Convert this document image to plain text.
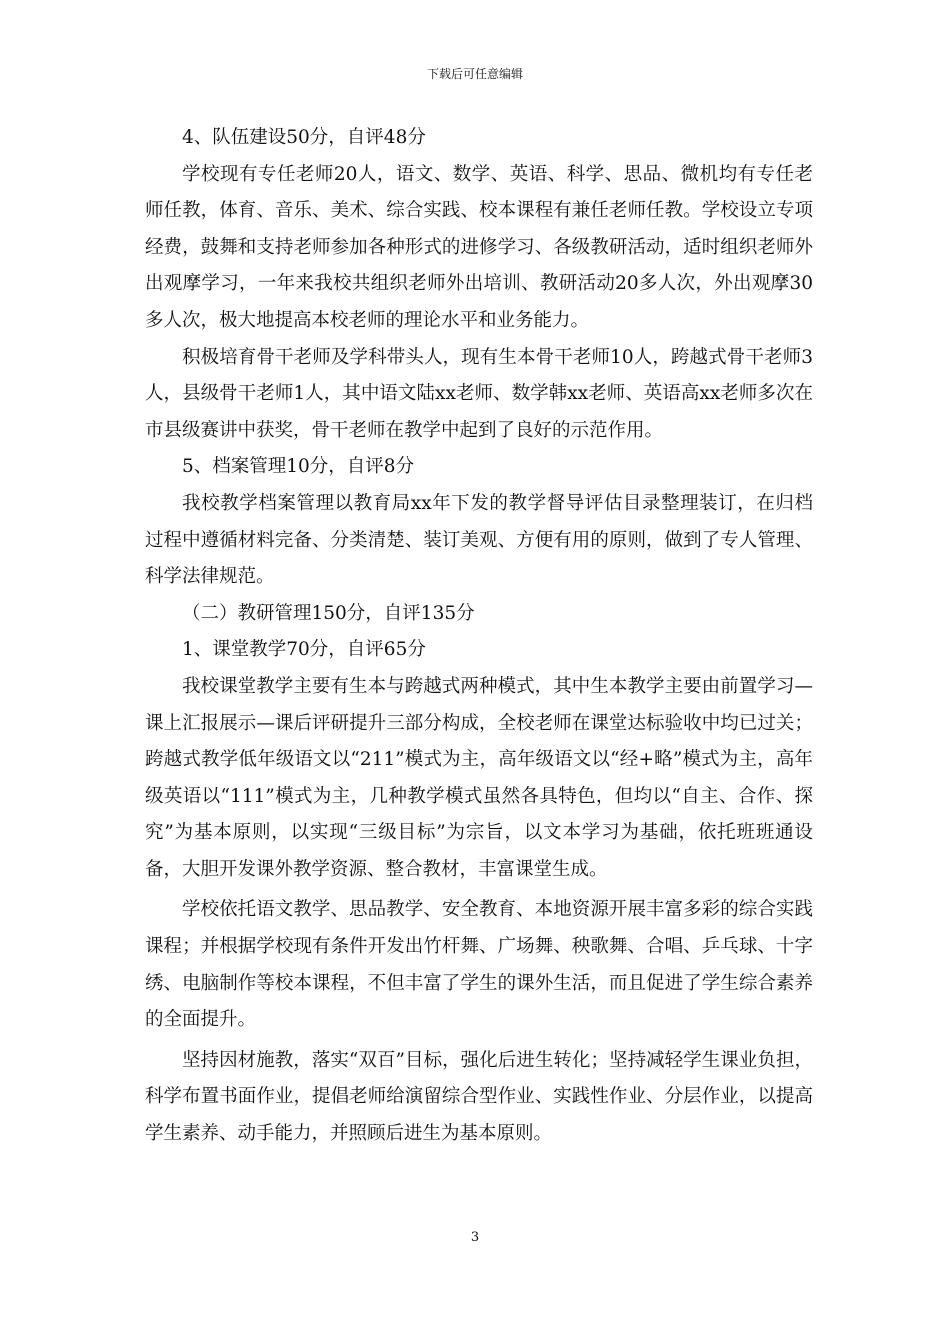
下载后可任意编辑

4、队伍建设50分，自评48分

学校现有专任老师20人，语文、数学、英语、科学、思品、微机均有专任老师任教，体育、音乐、美术、综合实践、校本课程有兼任老师任教。学校设立专项经费，鼓舞和支持老师参加各种形式的进修学习、各级教研活动，适时组织老师外出观摩学习，一年来我校共组织老师外出培训、教研活动20多人次，外出观摩30多人次，极大地提高本校老师的理论水平和业务能力。

积极培育骨干老师及学科带头人，现有生本骨干老师10人，跨越式骨干老师3人，县级骨干老师1人，其中语文陆xx老师、数学韩xx老师、英语高xx老师多次在市县级赛讲中获奖，骨干老师在教学中起到了良好的示范作用。

5、档案管理10分，自评8分

我校教学档案管理以教育局xx年下发的教学督导评估目录整理装订，在归档过程中遵循材料完备、分类清楚、装订美观、方便有用的原则，做到了专人管理、科学法律规范。

（二）教研管理150分，自评135分

1、课堂教学70分，自评65分

我校课堂教学主要有生本与跨越式两种模式，其中生本教学主要由前置学习—课上汇报展示—课后评研提升三部分构成，全校老师在课堂达标验收中均已过关；跨越式教学低年级语文以“211”模式为主，高年级语文以“经+略”模式为主，高年级英语以“111”模式为主，几种教学模式虽然各具特色，但均以“自主、合作、探究”为基本原则，以实现“三级目标”为宗旨，以文本学习为基础，依托班班通设备，大胆开发课外教学资源、整合教材，丰富课堂生成。

学校依托语文教学、思品教学、安全教育、本地资源开展丰富多彩的综合实践课程；并根据学校现有条件开发出竹杆舞、广场舞、秧歌舞、合唱、乒乓球、十字绣、电脑制作等校本课程，不但丰富了学生的课外生活，而且促进了学生综合素养的全面提升。

坚持因材施教，落实“双百”目标，强化后进生转化；坚持减轻学生课业负担，科学布置书面作业，提倡老师给演留综合型作业、实践性作业、分层作业，以提高学生素养、动手能力，并照顾后进生为基本原则。

3
